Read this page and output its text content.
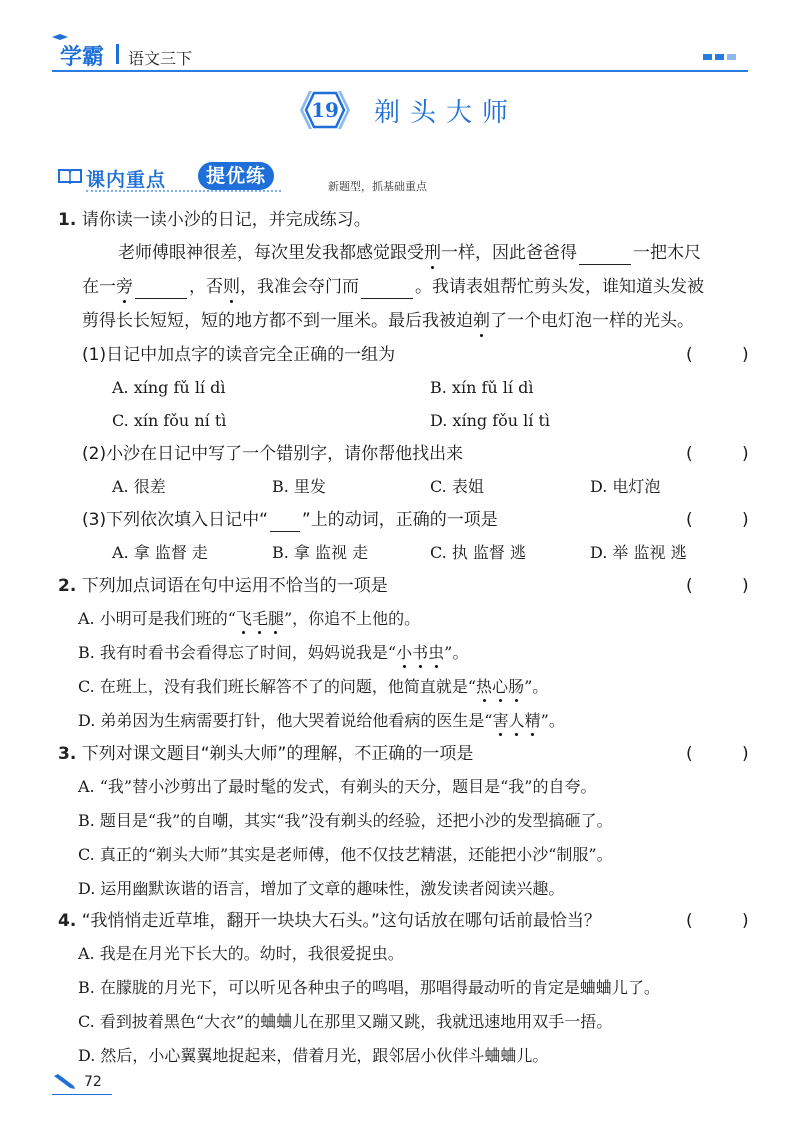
学霸 语文三下
19	剃头大师
课内重点	提优练	新题型，抓基础重点
1. 请你读一读小沙的日记，并完成练习。
老师傅眼神很差，每次里发我都感觉跟受刑一样，因此爸爸得	一把木尺
在一旁	，否则，我准会夺门而	。我请表姐帮忙剪头发，谁知道头发被
剪得长长短短，短的地方都不到一厘米。最后我被迫剃了一个电灯泡一样的光头。
(1)日记中加点字的读音完全正确的一组为	( )
A. xíng fǔ lí dì	B. xín fǔ lí dì
C. xín fǒu ní tì	D. xíng fǒu lí tì
(2)小沙在日记中写了一个错别字，请你帮他找出来	( )
A. 很差	B. 里发	C. 表姐	D. 电灯泡
(3)下列依次填入日记中“ ”上的动词，正确的一项是	( )
A. 拿 监督 走	B. 拿 监视 走	C. 执 监督 逃	D. 举 监视 逃
2. 下列加点词语在句中运用不恰当的一项是	( )
A. 小明可是我们班的“飞毛腿”，你追不上他的。
B. 我有时看书会看得忘了时间，妈妈说我是“小书虫”。
C. 在班上，没有我们班长解答不了的问题，他简直就是“热心肠”。
D. 弟弟因为生病需要打针，他大哭着说给他看病的医生是“害人精”。
3. 下列对课文题目“剃头大师”的理解，不正确的一项是	( )
A. “我”替小沙剪出了最时髦的发式，有剃头的天分，题目是“我”的自夸。
B. 题目是“我”的自嘲，其实“我”没有剃头的经验，还把小沙的发型搞砸了。
C. 真正的“剃头大师”其实是老师傅，他不仅技艺精湛，还能把小沙“制服”。
D. 运用幽默诙谐的语言，增加了文章的趣味性，激发读者阅读兴趣。
4. “我悄悄走近草堆，翻开一块块大石头。”这句话放在哪句话前最恰当？	( )
A. 我是在月光下长大的。幼时，我很爱捉虫。
B. 在朦胧的月光下，可以听见各种虫子的鸣唱，那唱得最动听的肯定是蛐蛐儿了。
C. 看到披着黑色“大衣”的蛐蛐儿在那里又蹦又跳，我就迅速地用双手一捂。
D. 然后，小心翼翼地捉起来，借着月光，跟邻居小伙伴斗蛐蛐儿。
72
